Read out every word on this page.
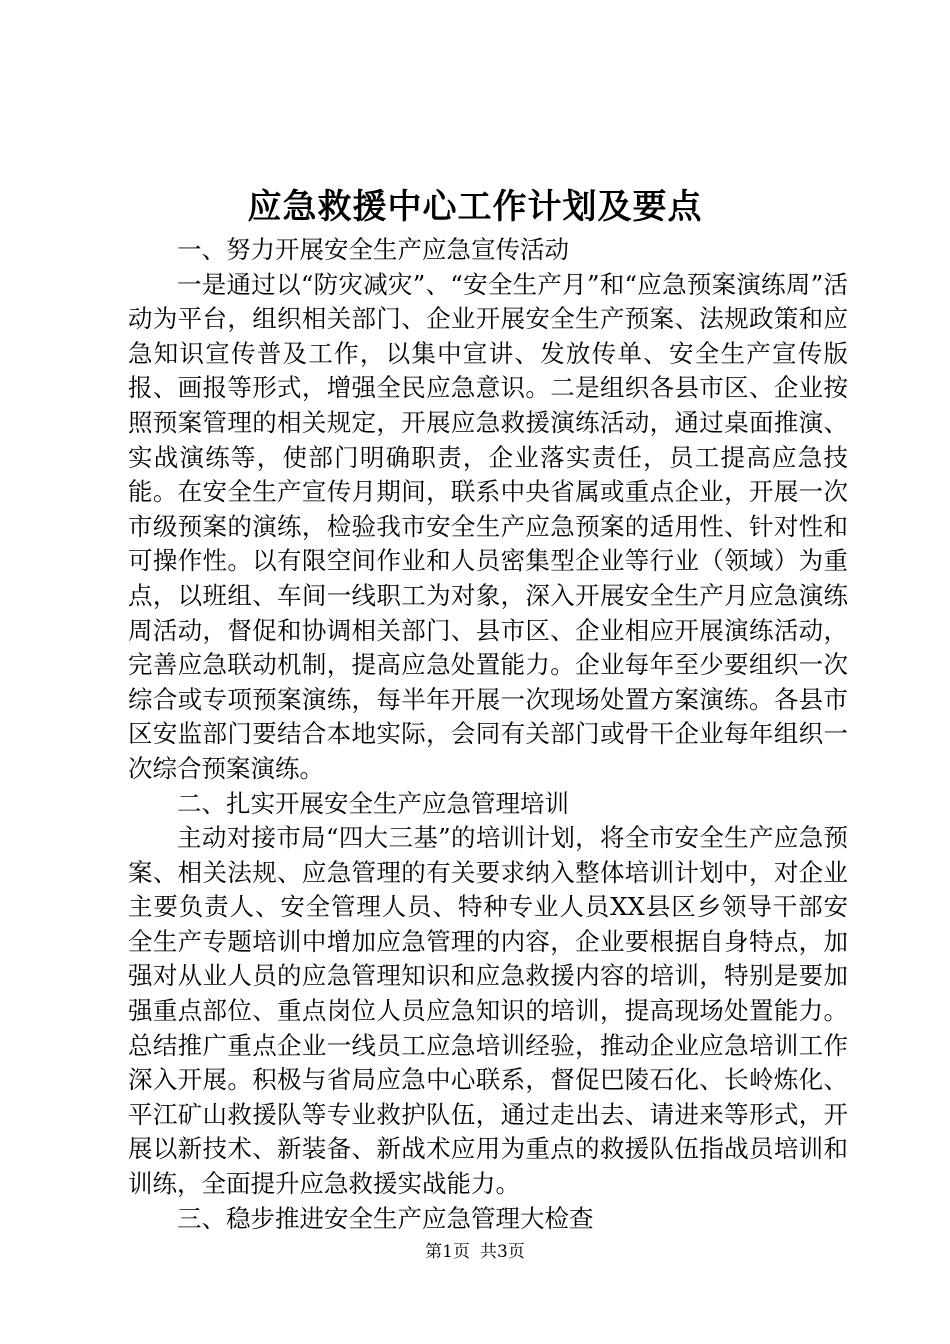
应急救援中心工作计划及要点

一、努力开展安全生产应急宣传活动

一是通过以“防灾减灾”、“安全生产月”和“应急预案演练周”活动为平台，组织相关部门、企业开展安全生产预案、法规政策和应急知识宣传普及工作，以集中宣讲、发放传单、安全生产宣传版报、画报等形式，增强全民应急意识。二是组织各县市区、企业按照预案管理的相关规定，开展应急救援演练活动，通过桌面推演、实战演练等，使部门明确职责，企业落实责任，员工提高应急技能。在安全生产宣传月期间，联系中央省属或重点企业，开展一次市级预案的演练，检验我市安全生产应急预案的适用性、针对性和可操作性。以有限空间作业和人员密集型企业等行业（领域）为重点，以班组、车间一线职工为对象，深入开展安全生产月应急演练周活动，督促和协调相关部门、县市区、企业相应开展演练活动，完善应急联动机制，提高应急处置能力。企业每年至少要组织一次综合或专项预案演练，每半年开展一次现场处置方案演练。各县市区安监部门要结合本地实际，会同有关部门或骨干企业每年组织一次综合预案演练。

二、扎实开展安全生产应急管理培训

主动对接市局“四大三基”的培训计划，将全市安全生产应急预案、相关法规、应急管理的有关要求纳入整体培训计划中，对企业主要负责人、安全管理人员、特种专业人员XX县区乡领导干部安全生产专题培训中增加应急管理的内容，企业要根据自身特点，加强对从业人员的应急管理知识和应急救援内容的培训，特别是要加强重点部位、重点岗位人员应急知识的培训，提高现场处置能力。总结推广重点企业一线员工应急培训经验，推动企业应急培训工作深入开展。积极与省局应急中心联系，督促巴陵石化、长岭炼化、平江矿山救援队等专业救护队伍，通过走出去、请进来等形式，开展以新技术、新装备、新战术应用为重点的救援队伍指战员培训和训练，全面提升应急救援实战能力。

三、稳步推进安全生产应急管理大检查

第1页 共3页
